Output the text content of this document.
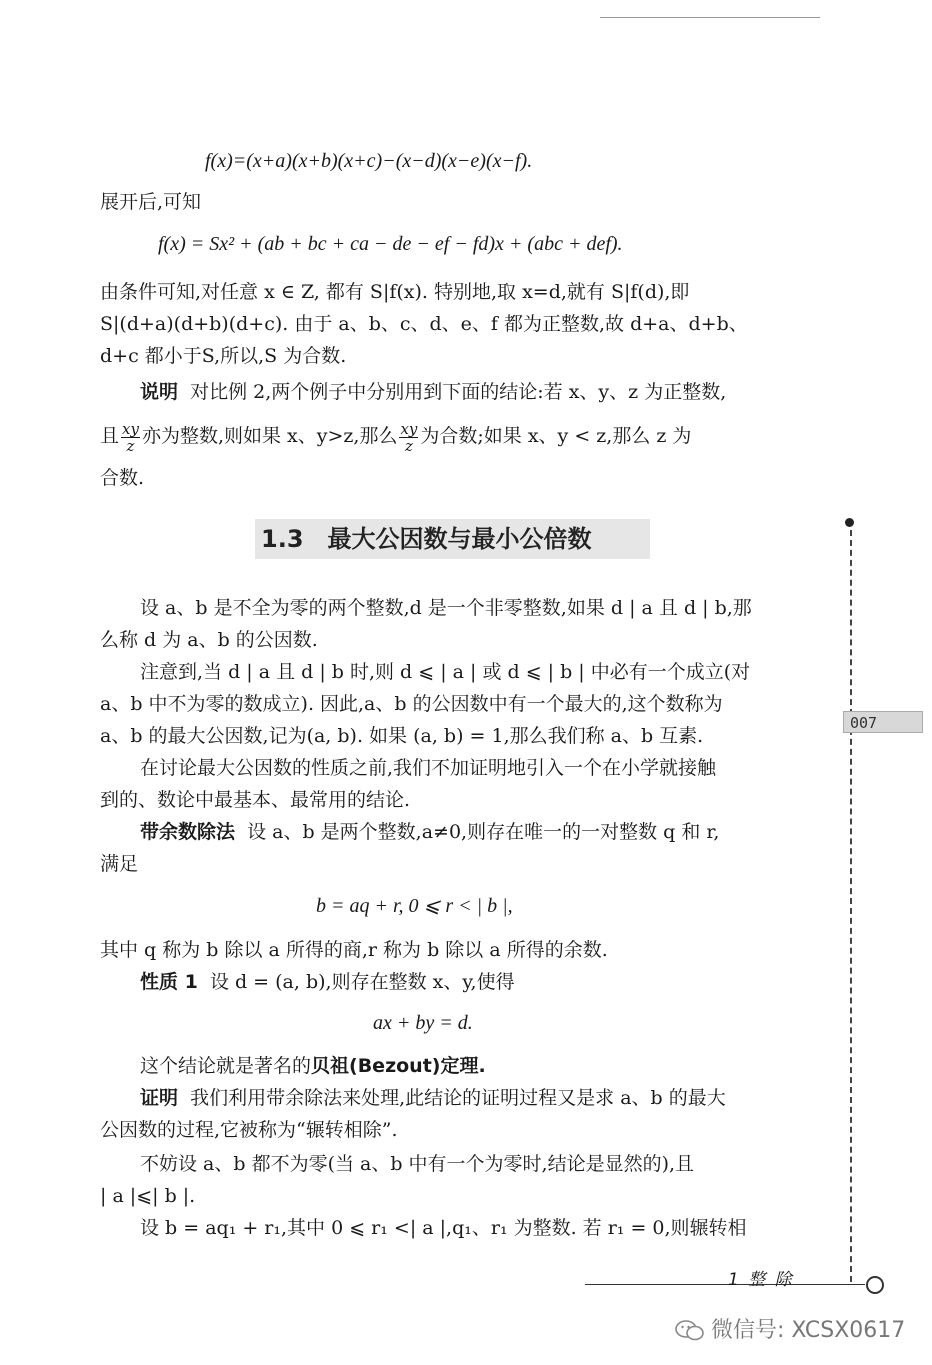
f(x)=(x+a)(x+b)(x+c)−(x−d)(x−e)(x−f).
展开后,可知
f(x) = Sx² + (ab + bc + ca − de − ef − fd)x + (abc + def).
由条件可知,对任意 x ∈ Z, 都有 S|f(x). 特别地,取 x=d,就有 S|f(d),即
S|(d+a)(d+b)(d+c). 由于 a、b、c、d、e、f 都为正整数,故 d+a、d+b、
d+c 都小于S,所以,S 为合数.
说明 对比例 2,两个例子中分别用到下面的结论:若 x、y、z 为正整数,
且 $\frac{xy}{z}$ 亦为整数,则如果 x、y>z,那么 $\frac{xy}{z}$ 为合数;如果 x、y < z,那么 z 为
合数.
1.3 最大公因数与最小公倍数
设 a、b 是不全为零的两个整数,d 是一个非零整数,如果 d | a 且 d | b,那
么称 d 为 a、b 的公因数.
注意到,当 d | a 且 d | b 时,则 d ⩽ | a | 或 d ⩽ | b | 中必有一个成立(对
a、b 中不为零的数成立). 因此,a、b 的公因数中有一个最大的,这个数称为
a、b 的最大公因数,记为(a, b). 如果 (a, b) = 1,那么我们称 a、b 互素.
在讨论最大公因数的性质之前,我们不加证明地引入一个在小学就接触
到的、数论中最基本、最常用的结论.
带余数除法 设 a、b 是两个整数,a≠0,则存在唯一的一对整数 q 和 r,
满足
b = aq + r, 0 ⩽ r < | b |,
其中 q 称为 b 除以 a 所得的商,r 称为 b 除以 a 所得的余数.
性质 1 设 d = (a, b),则存在整数 x、y,使得
ax + by = d.
这个结论就是著名的贝祖(Bezout)定理.
证明 我们利用带余除法来处理,此结论的证明过程又是求 a、b 的最大
公因数的过程,它被称为“辗转相除”.
不妨设 a、b 都不为零(当 a、b 中有一个为零时,结论是显然的),且
| a |⩽| b |.
设 b = aq₁ + r₁,其中 0 ⩽ r₁ <| a |,q₁、r₁ 为整数. 若 r₁ = 0,则辗转相
007
1 整 除
微信号: XCSX0617
